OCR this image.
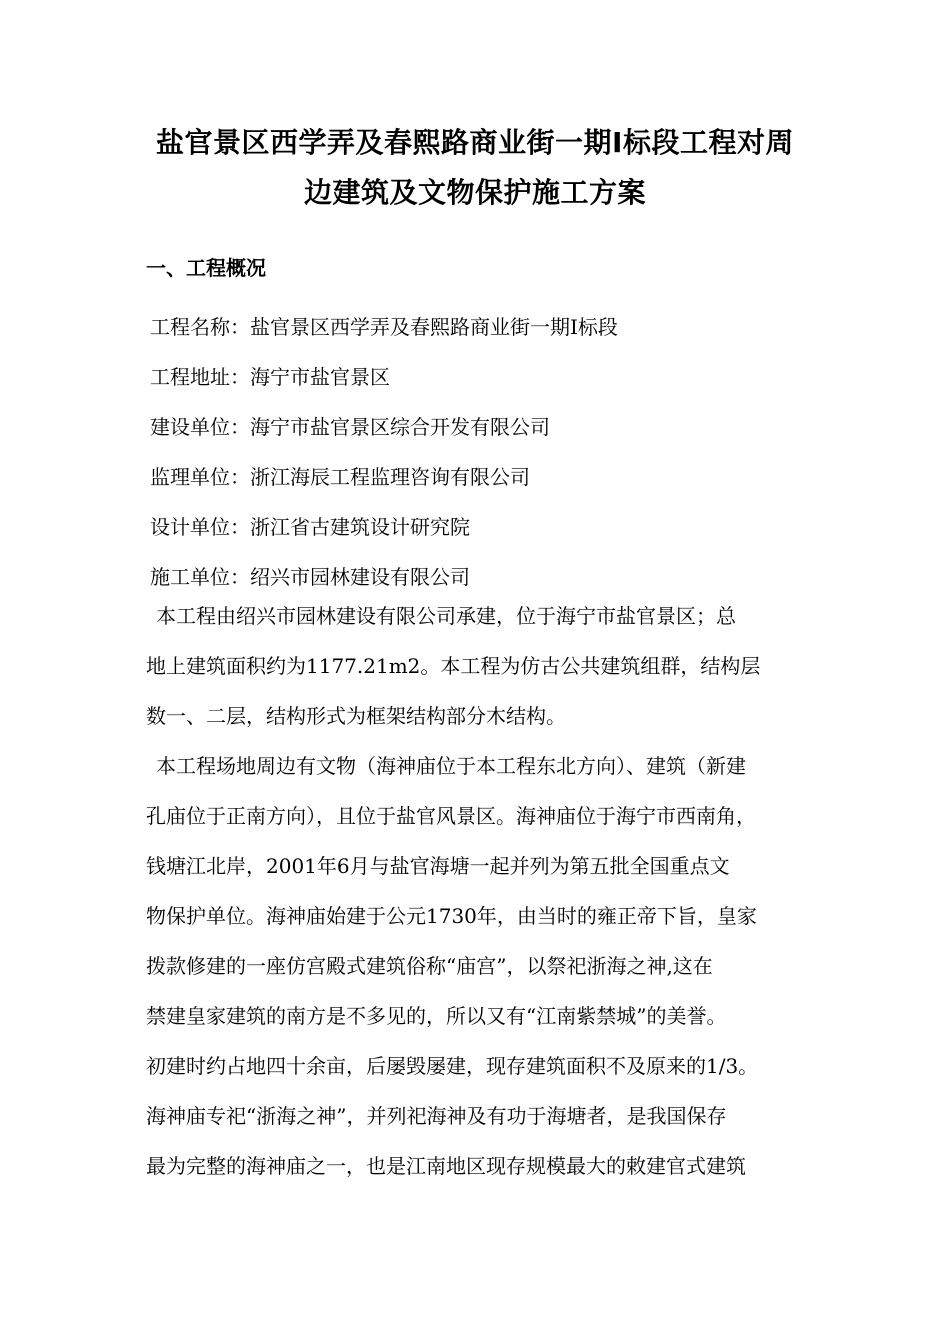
盐官景区西学弄及春熙路商业街一期Ⅰ标段工程对周
边建筑及文物保护施工方案
一、工程概况
工程名称：盐官景区西学弄及春熙路商业街一期Ⅰ标段
工程地址：海宁市盐官景区
建设单位：海宁市盐官景区综合开发有限公司
监理单位：浙江海辰工程监理咨询有限公司
设计单位：浙江省古建筑设计研究院
施工单位：绍兴市园林建设有限公司
本工程由绍兴市园林建设有限公司承建，位于海宁市盐官景区；总
地上建筑面积约为1177.21m2。本工程为仿古公共建筑组群，结构层
数一、二层，结构形式为框架结构部分木结构。
本工程场地周边有文物（海神庙位于本工程东北方向）、建筑（新建
孔庙位于正南方向），且位于盐官风景区。海神庙位于海宁市西南角，
钱塘江北岸，2001年6月与盐官海塘一起并列为第五批全国重点文
物保护单位。海神庙始建于公元1730年，由当时的雍正帝下旨，皇家
拨款修建的一座仿宫殿式建筑俗称“庙宫”，以祭祀浙海之神,这在
禁建皇家建筑的南方是不多见的，所以又有“江南紫禁城”的美誉。
初建时约占地四十余亩，后屡毁屡建，现存建筑面积不及原来的1/3。
海神庙专祀“浙海之神”，并列祀海神及有功于海塘者，是我国保存
最为完整的海神庙之一，也是江南地区现存规模最大的敕建官式建筑
